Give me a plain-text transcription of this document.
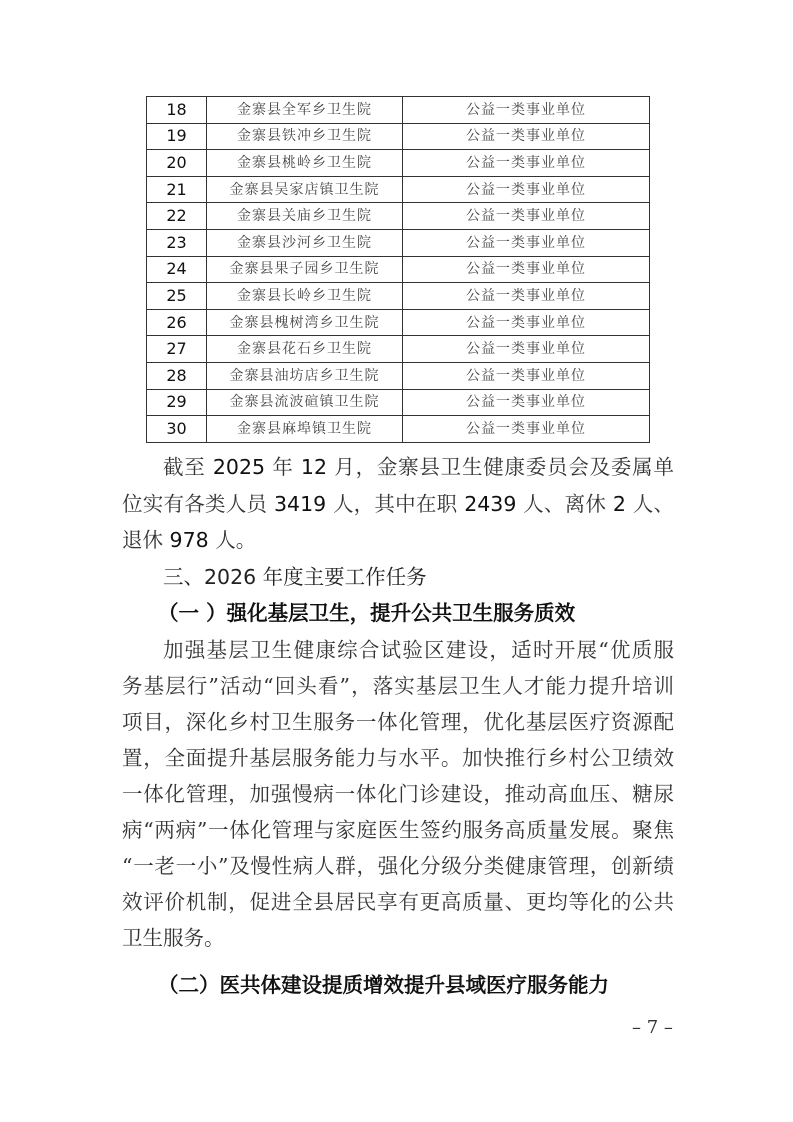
18	金寨县全军乡卫生院	公益一类事业单位
19	金寨县铁冲乡卫生院	公益一类事业单位
20	金寨县桃岭乡卫生院	公益一类事业单位
21	金寨县吴家店镇卫生院	公益一类事业单位
22	金寨县关庙乡卫生院	公益一类事业单位
23	金寨县沙河乡卫生院	公益一类事业单位
24	金寨县果子园乡卫生院	公益一类事业单位
25	金寨县长岭乡卫生院	公益一类事业单位
26	金寨县槐树湾乡卫生院	公益一类事业单位
27	金寨县花石乡卫生院	公益一类事业单位
28	金寨县油坊店乡卫生院	公益一类事业单位
29	金寨县流波碹镇卫生院	公益一类事业单位
30	金寨县麻埠镇卫生院	公益一类事业单位
截至 2025 年 12 月，金寨县卫生健康委员会及委属单
位实有各类人员 3419 人，其中在职 2439 人、离休 2 人、
退休 978 人。
三、2026 年度主要工作任务
（一 ）强化基层卫生，提升公共卫生服务质效
加强基层卫生健康综合试验区建设，适时开展“优质服
务基层行”活动“回头看”，落实基层卫生人才能力提升培训
项目，深化乡村卫生服务一体化管理，优化基层医疗资源配
置，全面提升基层服务能力与水平。加快推行乡村公卫绩效
一体化管理，加强慢病一体化门诊建设，推动高血压、糖尿
病“两病”一体化管理与家庭医生签约服务高质量发展。聚焦
“一老一小”及慢性病人群，强化分级分类健康管理，创新绩
效评价机制，促进全县居民享有更高质量、更均等化的公共
卫生服务。
（二）医共体建设提质增效提升县域医疗服务能力
– 7 –
